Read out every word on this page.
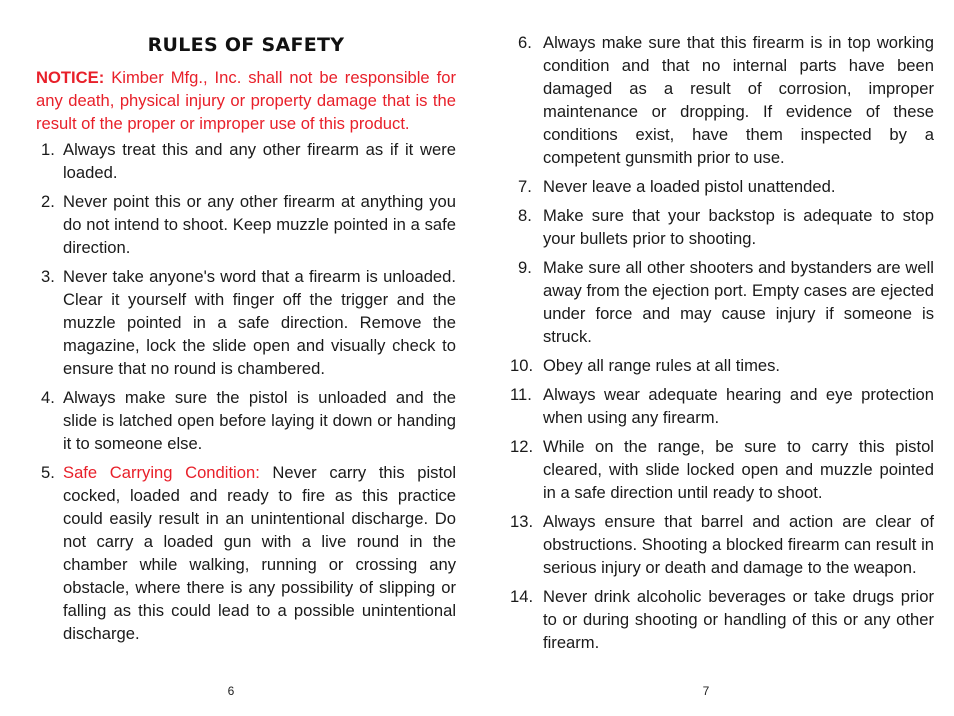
RULES OF SAFETY
NOTICE: Kimber Mfg., Inc. shall not be responsible for any death, physical injury or property damage that is the result of the proper or improper use of this product.
1. Always treat this and any other firearm as if it were loaded.
2. Never point this or any other firearm at anything you do not intend to shoot. Keep muzzle pointed in a safe direction.
3. Never take anyone's word that a firearm is unloaded. Clear it yourself with finger off the trigger and the muzzle pointed in a safe direction. Remove the magazine, lock the slide open and visually check to ensure that no round is chambered.
4. Always make sure the pistol is unloaded and the slide is latched open before laying it down or handing it to someone else.
5. Safe Carrying Condition: Never carry this pistol cocked, loaded and ready to fire as this practice could easily result in an unintentional discharge. Do not carry a loaded gun with a live round in the chamber while walking, running or crossing any obstacle, where there is any possibility of slipping or falling as this could lead to a possible unintentional discharge.
6
6. Always make sure that this firearm is in top working condition and that no internal parts have been damaged as a result of corrosion, improper maintenance or dropping. If evidence of these conditions exist, have them inspected by a competent gunsmith prior to use.
7. Never leave a loaded pistol unattended.
8. Make sure that your backstop is adequate to stop your bullets prior to shooting.
9. Make sure all other shooters and bystanders are well away from the ejection port. Empty cases are ejected under force and may cause injury if someone is struck.
10. Obey all range rules at all times.
11. Always wear adequate hearing and eye protection when using any firearm.
12. While on the range, be sure to carry this pistol cleared, with slide locked open and muzzle pointed in a safe direction until ready to shoot.
13. Always ensure that barrel and action are clear of obstructions. Shooting a blocked firearm can result in serious injury or death and damage to the weapon.
14. Never drink alcoholic beverages or take drugs prior to or during shooting or handling of this or any other firearm.
7
